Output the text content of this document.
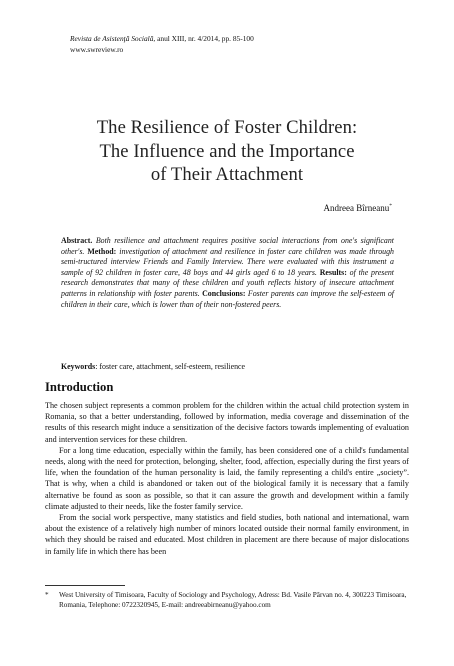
Revista de Asistenţă Socială, anul XIII, nr. 4/2014, pp. 85-100
www.swreview.ro
The Resilience of Foster Children:
The Influence and the Importance
of Their Attachment
Andreea Bîrneanu*
Abstract. Both resilience and attachment requires positive social interactions from one's significant other's. Method: investigation of attachment and resilience in foster care children was made through semi-tructured interview Friends and Family Interview. There were evaluated with this instrument a sample of 92 children in foster care, 48 boys and 44 girls aged 6 to 18 years. Results: of the present research demonstrates that many of these children and youth reflects history of insecure attachment patterns in relationship with foster parents. Conclusions: Foster parents can improve the self-esteem of children in their care, which is lower than of their non-fostered peers.
Keywords: foster care, attachment, self-esteem, resilience
Introduction

The chosen subject represents a common problem for the children within the actual child protection system in Romania, so that a better understanding, followed by information, media coverage and dissemination of the results of this research might induce a sensitization of the decisive factors towards implementing of evaluation and intervention services for these children.

For a long time education, especially within the family, has been considered one of a child's fundamental needs, along with the need for protection, belonging, shelter, food, affection, especially during the first years of life, when the foundation of the human personality is laid, the family representing a child's entire „society”. That is why, when a child is abandoned or taken out of the biological family it is necessary that a family alternative be found as soon as possible, so that it can assure the growth and development within a family climate adjusted to their needs, like the foster family service.

From the social work perspective, many statistics and field studies, both national and international, warn about the existence of a relatively high number of minors located outside their normal family environment, in which they should be raised and educated. Most children in placement are there because of major dislocations in family life in which there has been

*	West University of Timisoara, Faculty of Sociology and Psychology, Adress: Bd. Vasile Pârvan no. 4, 300223 Timisoara, Romania, Telephone: 0722320945, E-mail: andreeabirneanu@yahoo.com
